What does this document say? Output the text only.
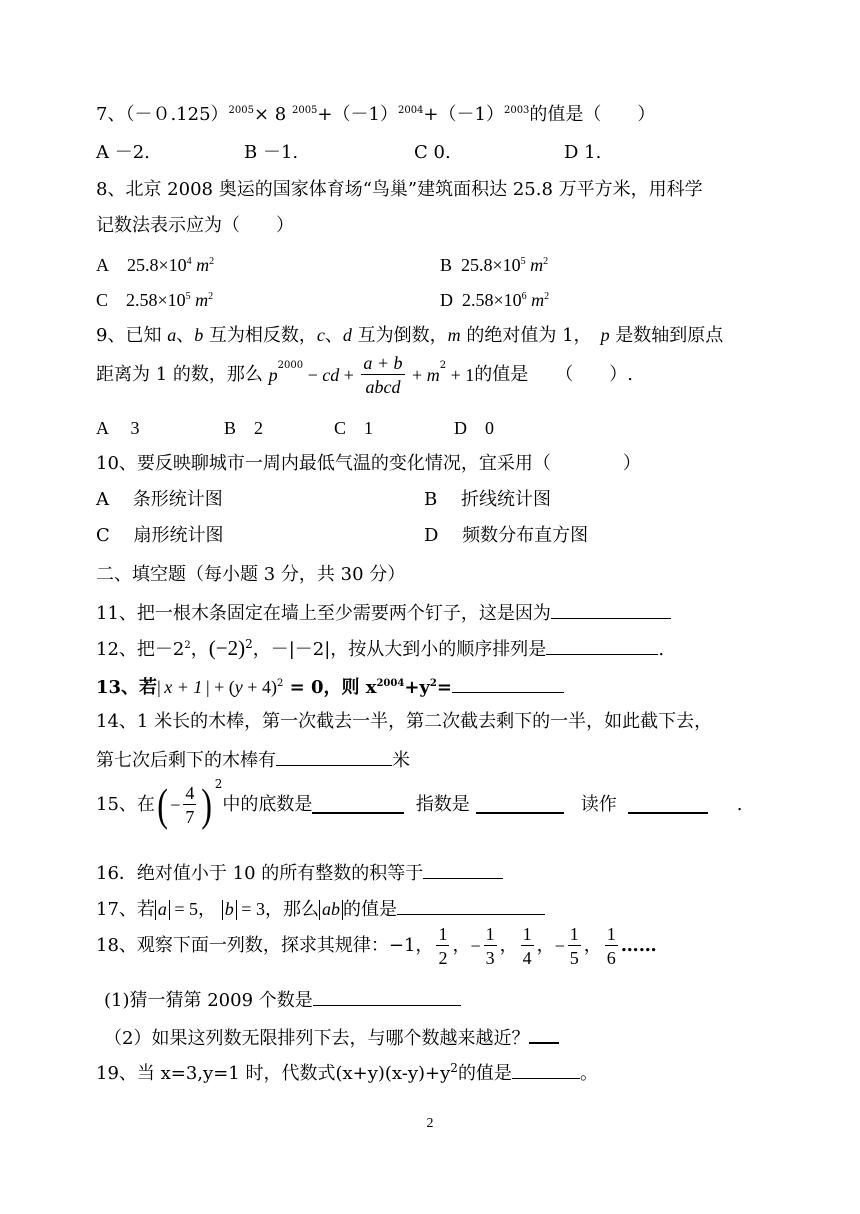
7、$(-0.125)^{2005}\times 8$ $^{2005}+(-1)^{2004}+(-1)^{2003}$的值是（　　）
A －2.	B －1.	C 0.	D 1.
8、北京 2008 奥运的国家体育场“鸟巢”建筑面积达 25.8 万平方米，用科学
记数法表示应为（　　）
A $25.8\times 10^4$ $m^2$	B $25.8\times 10^5$ $m^2$
C $2.58\times 10^5$ $m^2$	D $2.58\times 10^6$ $m^2$
9、已知 a、b 互为相反数，c、d 互为倒数，m 的绝对值为 1，　p 是数轴到原点
距离为 1 的数，那么 $p^{2000}$ − cd + $\frac{a + b}{\text{abcd}} + m^2 + 1$的值是　　（　　）.
A　 3	B　2	C　1	D　0
10、要反映聊城市一周内最低气温的变化情况，宜采用（　　　　）
A　 条形统计图	B　 折线统计图
C　 扇形统计图	D　 频数分布直方图
二、填空题（每小题 3 分，共 30 分）
11、把一根木条固定在墙上至少需要两个钉子，这是因为
12、把$-2^2$，$(-2)^2$，－|－2|，按从大到小的顺序排列是	.
13、若| x + 1 | + $(y + 4)^2 = 0$，则 $x^{2004}+y^2=$
14、1 米长的木棒，第一次截去一半，第二次截去剩下的一半，如此截下去，
第七次后剩下的木棒有	米
15、在( − $\frac{4}{7}$ ) $^2$中的底数是	指数是	读作	.
16．绝对值小于 10 的所有整数的积等于
17、若 a = 5， b = 3，那么 ab 的值是
18、观察下面一列数，探求其规律：−1， $\frac{1}{2}$ ，− $\frac{1}{3}$ ， $\frac{1}{4}$ ，− $\frac{1}{5}$ ， $\frac{1}{6}$ ……
(1)猜一猜第 2009 个数是
（2）如果这列数无限排列下去，与哪个数越来越近？
19、当 x=3,y=1 时，代数式$(x+y)(x-y)+y^2$的值是	。
2
